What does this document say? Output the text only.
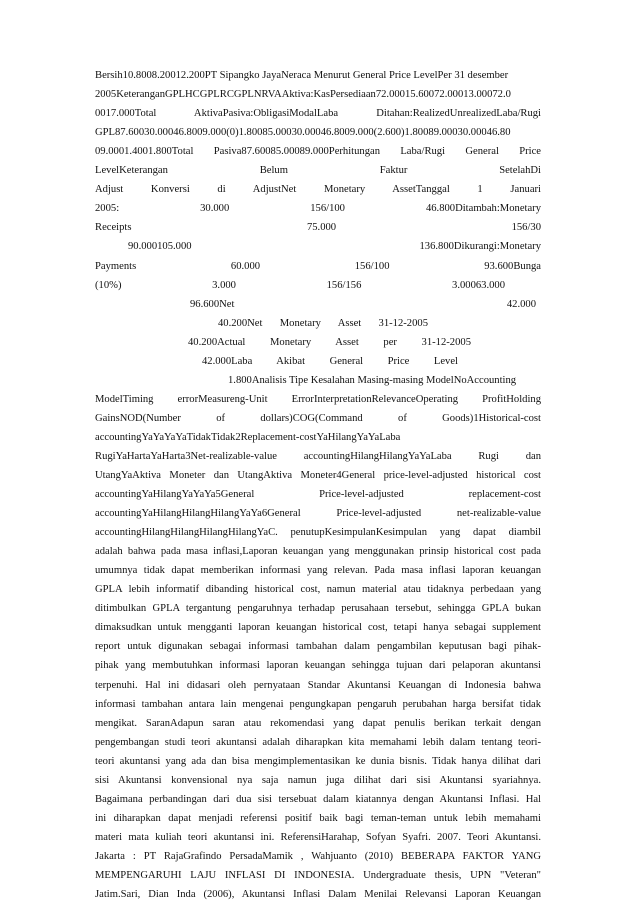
Bersih10.8008.20012.200PT Sipangko JayaNeraca Menurut General Price LevelPer 31 desember
2005KeteranganGPLHCGPLRCGPLNRVAAktiva:KasPersediaan72.00015.60072.00013.00072.0
0017.000Total AktivaPasiva:ObligasiModalLaba Ditahan:RealizedUnrealizedLaba/Rugi
GPL87.60030.00046.8009.000(0)1.80085.00030.00046.8009.000(2.600)1.80089.00030.00046.80
09.0001.4001.800Total Pasiva87.60085.00089.000Perhitungan Laba/Rugi General Price
LevelKeterangan Belum Faktur SetelahDi
Adjust Konversi di AdjustNet Monetary AssetTanggal 1 Januari
2005: 30.000 156/100 46.800Ditambah:Monetary
Receipts 75.000 156/30
90.000105.000 136.800Dikurangi:Monetary
Payments 60.000 156/100 93.600Bunga
(10%) 3.000 156/156 3.00063.000
96.600Net 42.000
40.200Net Monetary Asset 31-12-2005
40.200Actual Monetary Asset per 31-12-2005
42.000Laba Akibat General Price Level
1.800Analisis Tipe Kesalahan Masing-masing ModelNoAccounting
ModelTiming errorMeasureng-Unit ErrorInterpretationRelevanceOperating ProfitHolding
GainsNOD(Number of dollars)COG(Command of Goods)1Historical-cost
accountingYaYaYaYaTidakTidak2Replacement-costYaHilangYaYaLaba
RugiYaHartaYaHarta3Net-realizable-value accountingHilangHilangYaYaLaba Rugi dan
UtangYaAktiva Moneter dan UtangAktiva Moneter4General price-level-adjusted historical cost
accountingYaHilangYaYaYa5General Price-level-adjusted replacement-cost
accountingYaHilangHilangHilangYaYa6General Price-level-adjusted net-realizable-value
accountingHilangHilangHilangHilangYaC. penutupKesimpulanKesimpulan yang dapat diambil
adalah bahwa pada masa inflasi,Laporan keuangan yang menggunakan prinsip historical cost pada
umumnya tidak dapat memberikan informasi yang relevan. Pada masa inflasi laporan keuangan
GPLA lebih informatif dibanding historical cost, namun material atau tidaknya perbedaan yang
ditimbulkan GPLA tergantung pengaruhnya terhadap perusahaan tersebut, sehingga GPLA bukan
dimaksudkan untuk mengganti laporan keuangan historical cost, tetapi hanya sebagai supplement
report untuk digunakan sebagai informasi tambahan dalam pengambilan keputusan bagi pihak-
pihak yang membutuhkan informasi laporan keuangan sehingga tujuan dari pelaporan akuntansi
terpenuhi. Hal ini didasari oleh pernyataan Standar Akuntansi Keuangan di Indonesia bahwa
informasi tambahan antara lain mengenai pengungkapan pengaruh perubahan harga bersifat tidak
mengikat. SaranAdapun saran atau rekomendasi yang dapat penulis berikan terkait dengan
pengembangan studi teori akuntansi adalah diharapkan kita memahami lebih dalam tentang teori-
teori akuntansi yang ada dan bisa mengimplementasikan ke dunia bisnis. Tidak hanya dilihat dari
sisi Akuntansi konvensional nya saja namun juga dilihat dari sisi Akuntansi syariahnya.
Bagaimana perbandingan dari dua sisi tersebuat dalam kiatannya dengan Akuntansi Inflasi. Hal
ini diharapkan dapat menjadi referensi positif baik bagi teman-teman untuk lebih memahami
materi mata kuliah teori akuntansi ini. ReferensiHarahap, Sofyan Syafri. 2007. Teori Akuntansi.
Jakarta : PT RajaGrafindo PersadaMamik , Wahjuanto (2010) BEBERAPA FAKTOR YANG
MEMPENGARUHI LAJU INFLASI DI INDONESIA. Undergraduate thesis, UPN "Veteran"
Jatim.Sari, Dian Inda (2006), Akuntansi Inflasi Dalam Menilai Relevansi Laporan Keuangan
